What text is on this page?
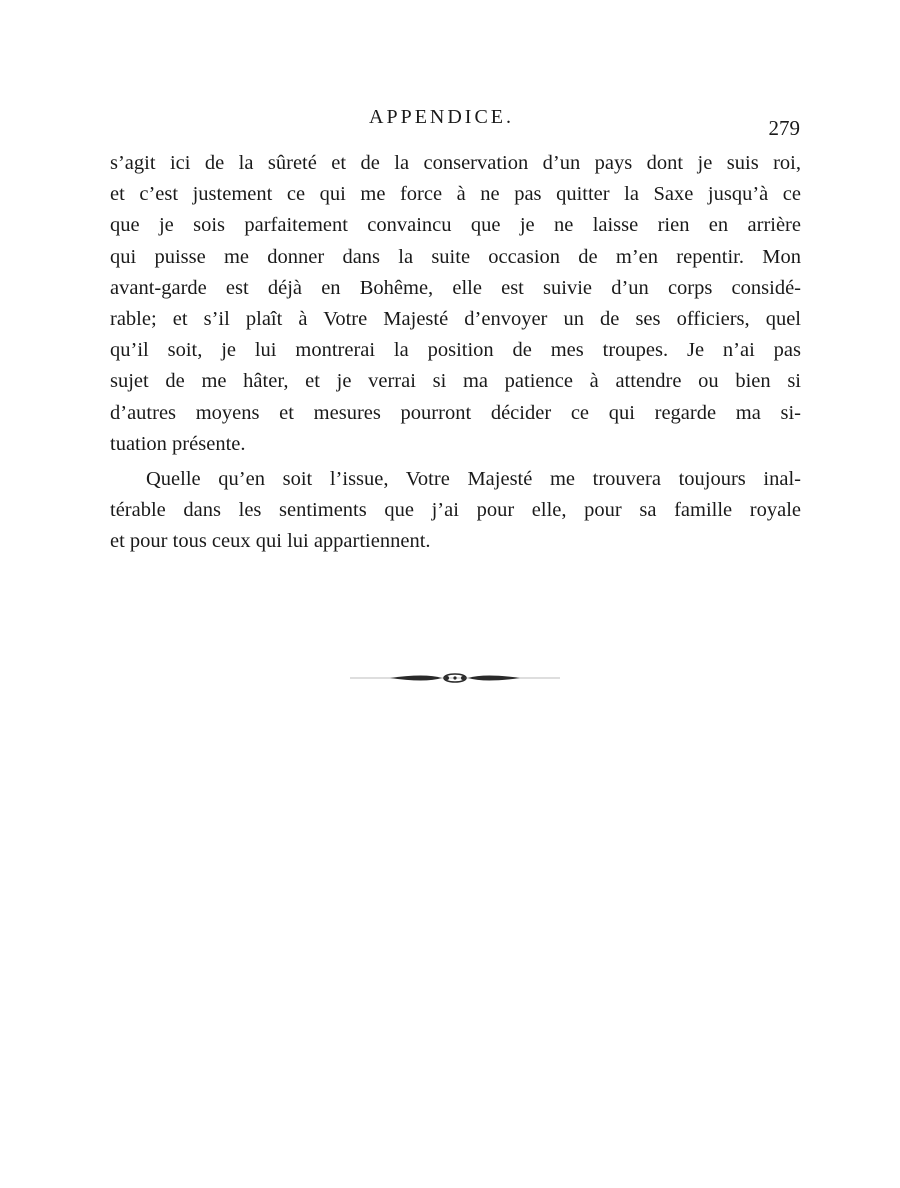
APPENDICE.	279

s’agit ici de la sûreté et de la conservation d’un pays dont je suis roi,
et c’est justement ce qui me force à ne pas quitter la Saxe jusqu’à ce
que je sois parfaitement convaincu que je ne laisse rien en arrière
qui puisse me donner dans la suite occasion de m’en repentir. Mon
avant-garde est déjà en Bohême, elle est suivie d’un corps considé-
rable; et s’il plaît à Votre Majesté d’envoyer un de ses officiers, quel
qu’il soit, je lui montrerai la position de mes troupes. Je n’ai pas
sujet de me hâter, et je verrai si ma patience à attendre ou bien si
d’autres moyens et mesures pourront décider ce qui regarde ma si-
tuation présente.

Quelle qu’en soit l’issue, Votre Majesté me trouvera toujours inal-
térable dans les sentiments que j’ai pour elle, pour sa famille royale
et pour tous ceux qui lui appartiennent.
